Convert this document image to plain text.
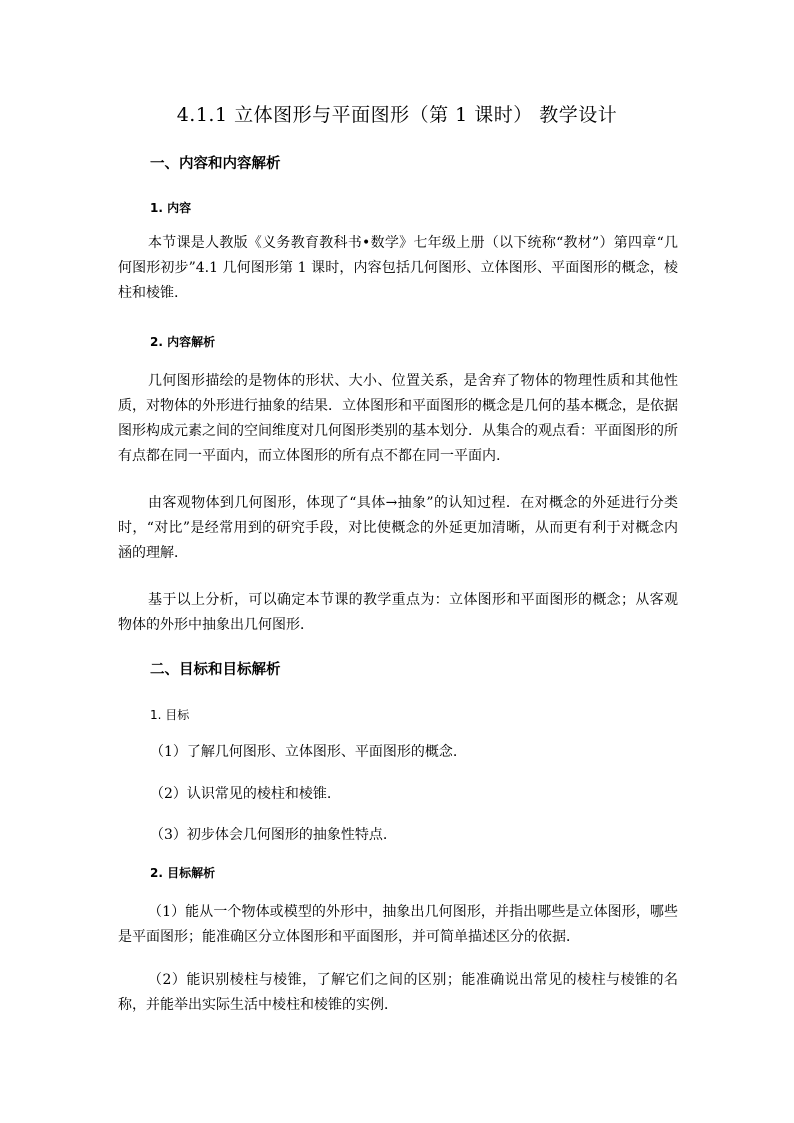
4.1.1 立体图形与平面图形（第 1 课时） 教学设计
一、内容和内容解析
1. 内容

本节课是人教版《义务教育教科书•数学》七年级上册（以下统称“教材”）第四章“几何图形初步”4.1 几何图形第 1 课时，内容包括几何图形、立体图形、平面图形的概念，棱柱和棱锥.

2. 内容解析

几何图形描绘的是物体的形状、大小、位置关系，是舍弃了物体的物理性质和其他性质，对物体的外形进行抽象的结果．立体图形和平面图形的概念是几何的基本概念，是依据图形构成元素之间的空间维度对几何图形类别的基本划分．从集合的观点看：平面图形的所有点都在同一平面内，而立体图形的所有点不都在同一平面内.

由客观物体到几何图形，体现了“具体→抽象”的认知过程．在对概念的外延进行分类时，“对比”是经常用到的研究手段，对比使概念的外延更加清晰，从而更有利于对概念内涵的理解．

基于以上分析，可以确定本节课的教学重点为：立体图形和平面图形的概念；从客观物体的外形中抽象出几何图形．

二、目标和目标解析
1. 目标

（1）了解几何图形、立体图形、平面图形的概念.

（2）认识常见的棱柱和棱锥.

（3）初步体会几何图形的抽象性特点.

2. 目标解析

（1）能从一个物体或模型的外形中，抽象出几何图形，并指出哪些是立体图形，哪些是平面图形；能准确区分立体图形和平面图形，并可简单描述区分的依据．

（2）能识别棱柱与棱锥，了解它们之间的区别；能准确说出常见的棱柱与棱锥的名称，并能举出实际生活中棱柱和棱锥的实例．
